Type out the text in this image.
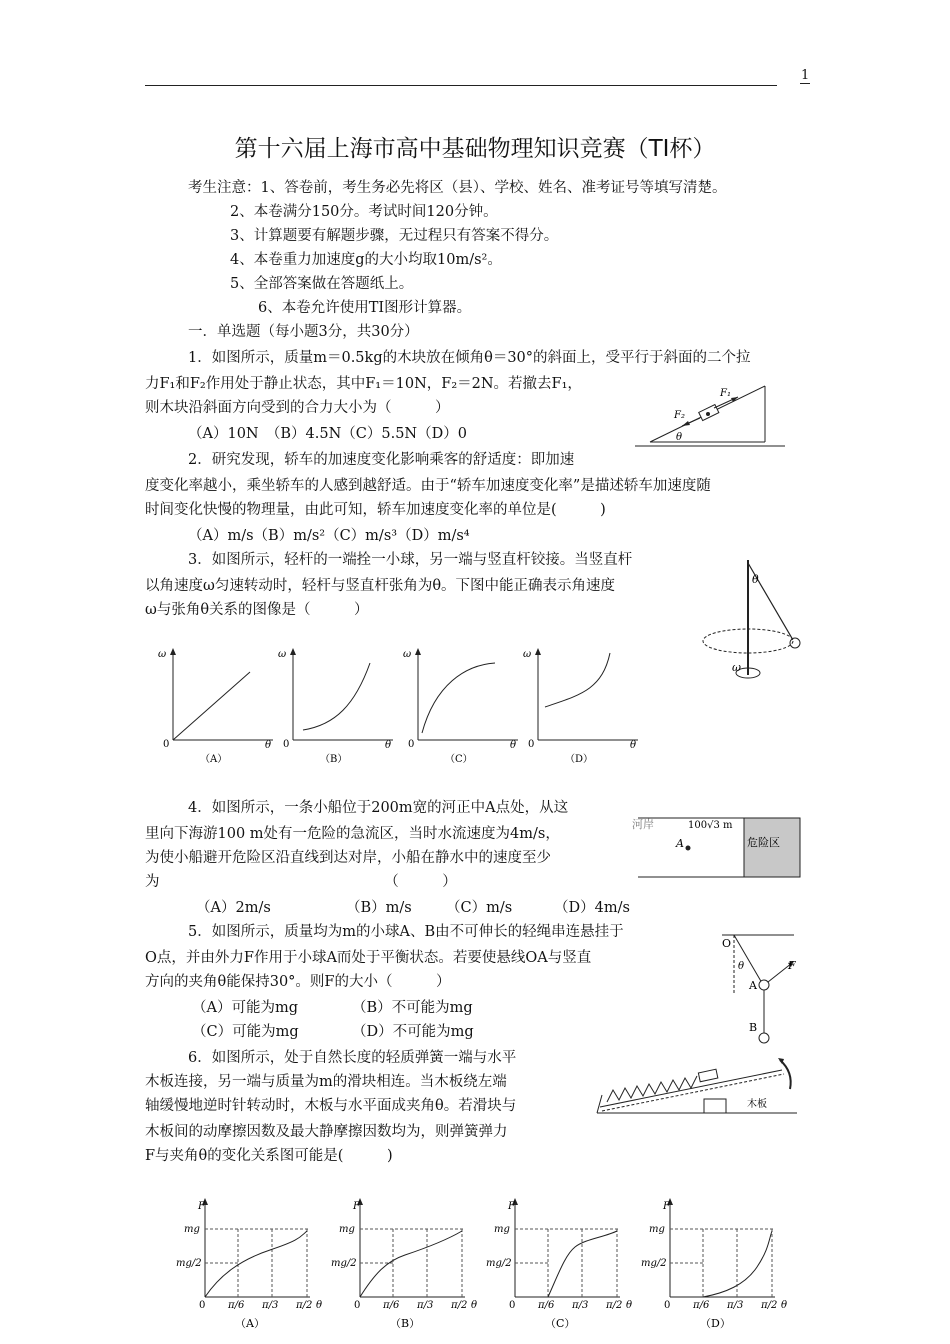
1
第十六届上海市高中基础物理知识竞赛（TI杯）
考生注意：1、答卷前，考生务必先将区（县）、学校、姓名、准考证号等填写清楚。
2、本卷满分150分。考试时间120分钟。
3、计算题要有解题步骤，无过程只有答案不得分。
4、本卷重力加速度g的大小均取10m/s²。
5、全部答案做在答题纸上。
6、本卷允许使用TI图形计算器。
一．单选题（每小题3分，共30分）
1．如图所示，质量m＝0.5kg的木块放在倾角θ＝30°的斜面上，受平行于斜面的二个拉
力F₁和F₂作用处于静止状态，其中F₁＝10N，F₂＝2N。若撤去F₁，
则木块沿斜面方向受到的合力大小为（　　　）
（A）10N　（B）4.5N（C）5.5N（D）0
F₁
F₂
θ
2．研究发现，轿车的加速度变化影响乘客的舒适度：即加速
度变化率越小，乘坐轿车的人感到越舒适。由于“轿车加速度变化率”是描述轿车加速度随
时间变化快慢的物理量，由此可知，轿车加速度变化率的单位是(　　　)
（A）m/s（B）m/s²（C）m/s³（D）m/s⁴
3．如图所示，轻杆的一端拴一小球，另一端与竖直杆铰接。当竖直杆
以角速度ω匀速转动时，轻杆与竖直杆张角为θ。下图中能正确表示角速度
ω与张角θ关系的图像是（　　　）
θ
ω
ω
θ
0
（A）
ω
θ
0
（B）
ω
θ
0
（C）
ω
θ
0
（D）
4．如图所示，一条小船位于200m宽的河正中A点处，从这
里向下海游100 m处有一危险的急流区，当时水流速度为4m/s，
为使小船避开危险区沿直线到达对岸，小船在静水中的速度至少
为　　　　　　　　　　　　　　　　（　　　）
（A）2m/s	（B）m/s （C）m/s	（D）4m/s
河岸	100√3 m
危险区
A
5．如图所示，质量均为m的小球A、B由不可伸长的轻绳串连悬挂于
O点，并由外力F作用于小球A而处于平衡状态。若要使悬线OA与竖直
方向的夹角θ能保持30°。则F的大小（　　　）
（A）可能为mg	（B）不可能为mg
（C）可能为mg	（D）不可能为mg
O
θ
A
B
F
6．如图所示，处于自然长度的轻质弹簧一端与水平
木板连接，另一端与质量为m的滑块相连。当木板绕左端
轴缓慢地逆时针转动时，木板与水平面成夹角θ。若滑块与
木板间的动摩擦因数及最大静摩擦因数均为，则弹簧弹力
F与夹角θ的变化关系图可能是(　　　)
木板
F
mg
mg/2
0 π/6 π/3 π/2 θ
（A）
F
mg
mg/2
0 π/6 π/3 π/2 θ
（B）
F
mg
mg/2
0 π/6 π/3 π/2 θ
（C）
F
mg
mg/2
0 π/6 π/3 π/2 θ
（D）
